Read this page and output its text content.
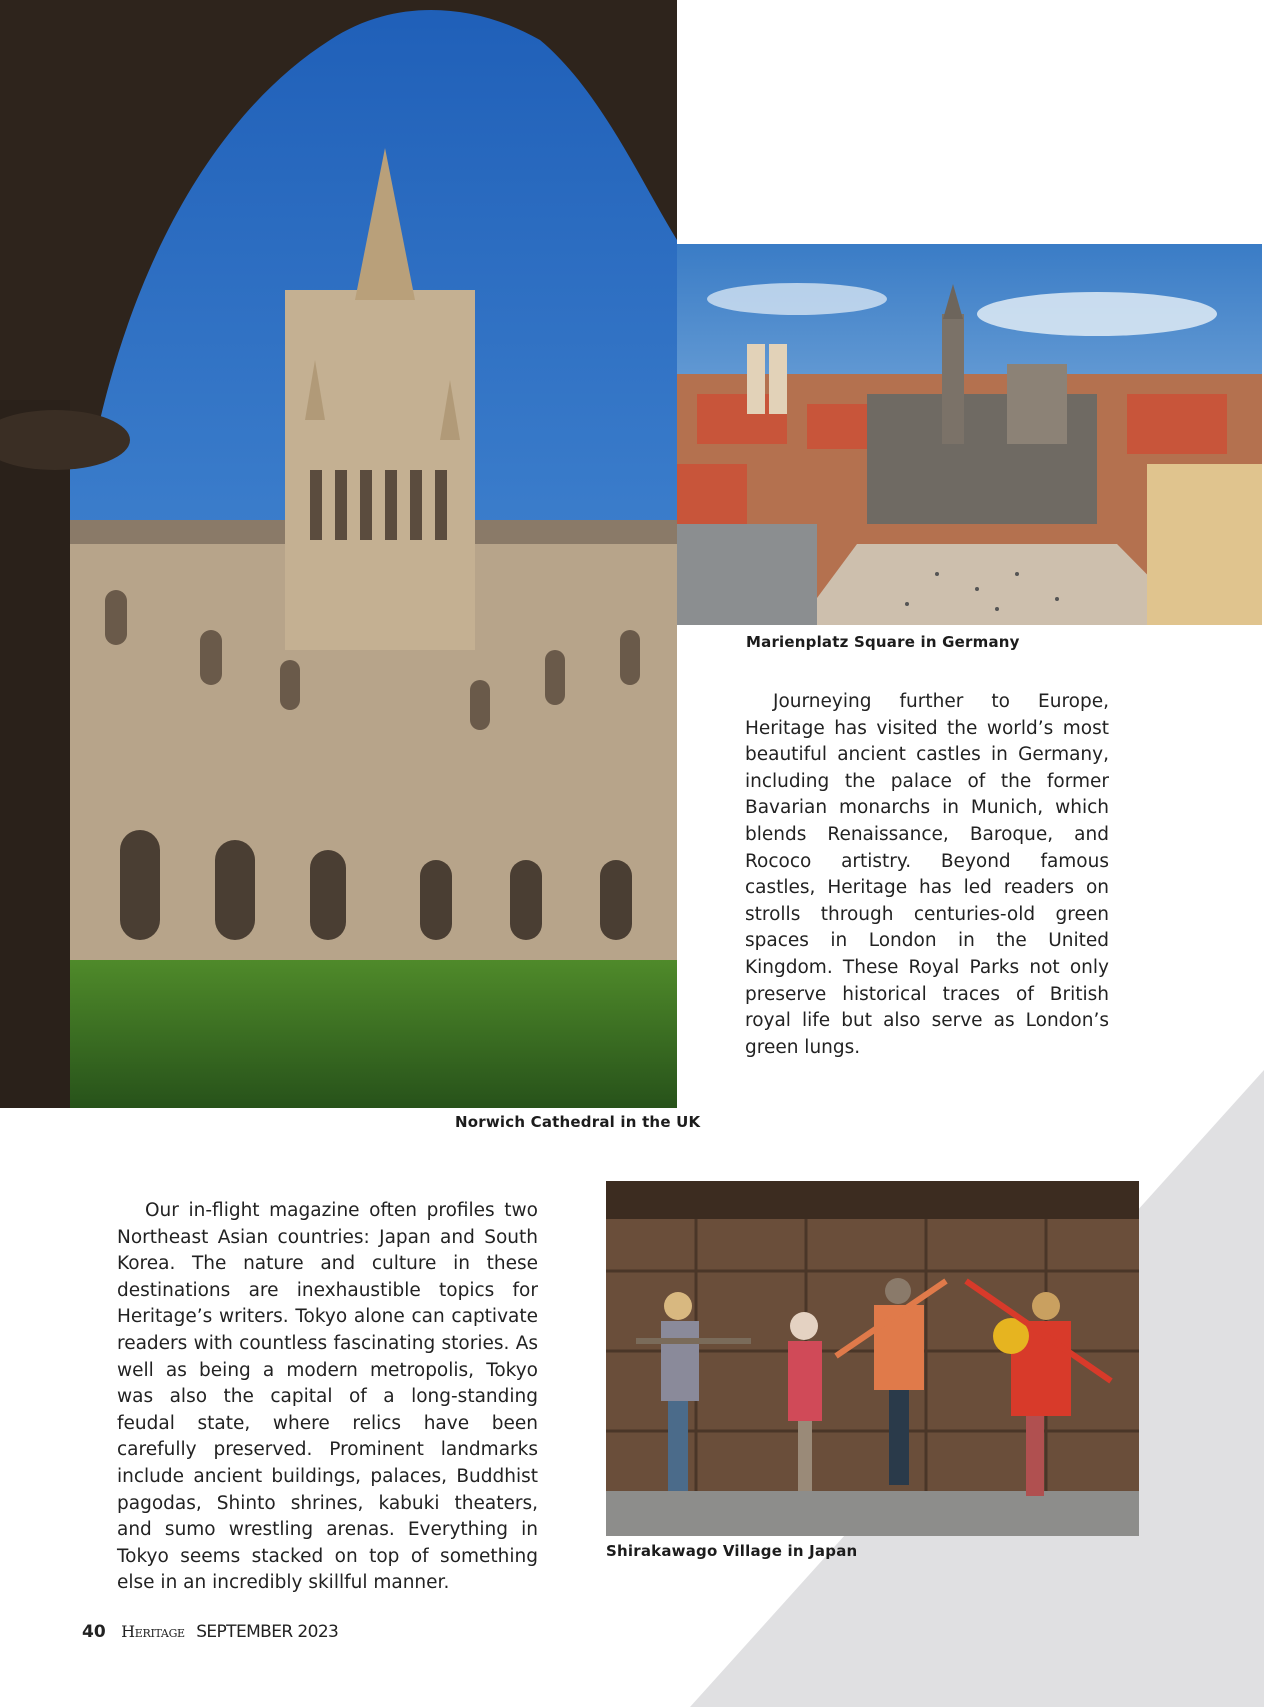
Norwich Cathedral in the UK
Marienplatz Square in Germany

Journeying further to Europe, Heritage has visited the world’s most beautiful ancient castles in Germany, including the palace of the former Bavarian monarchs in Munich, which blends Renaissance, Baroque, and Rococo artistry. Beyond famous castles, Heritage has led readers on strolls through centuries-old green spaces in London in the United Kingdom. These Royal Parks not only preserve historical traces of British royal life but also serve as London’s green lungs.

Our in-flight magazine often profiles two Northeast Asian countries: Japan and South Korea. The nature and culture in these destinations are inexhaustible topics for Heritage’s writers. Tokyo alone can captivate readers with countless fascinating stories. As well as being a modern metropolis, Tokyo was also the capital of a long-standing feudal state, where relics have been carefully preserved. Prominent landmarks include ancient buildings, palaces, Buddhist pagodas, Shinto shrines, kabuki theaters, and sumo wrestling arenas. Everything in Tokyo seems stacked on top of something else in an incredibly skillful manner.

Shirakawago Village in Japan
40 Heritage SEPTEMBER 2023
